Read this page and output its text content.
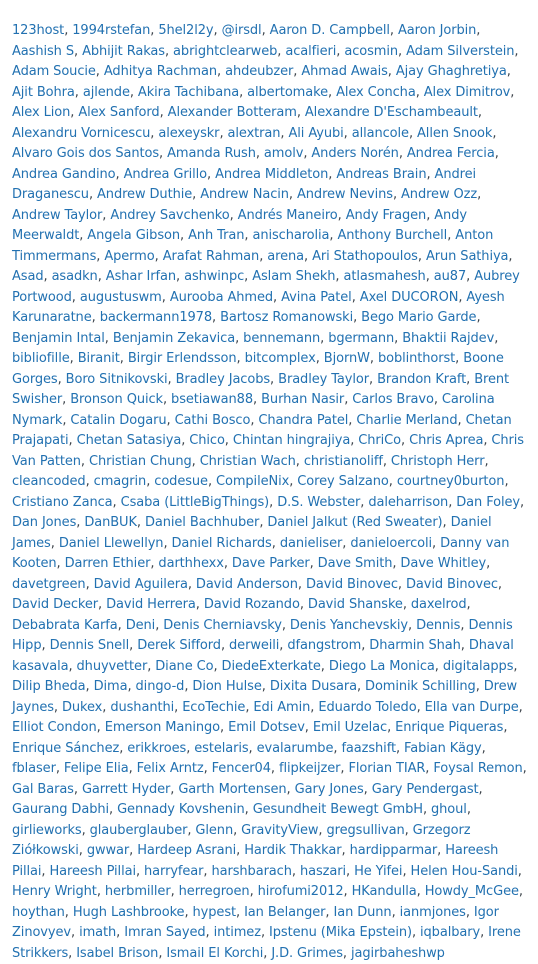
123host, 1994rstefan, 5hel2l2y, @irsdl, Aaron D. Campbell, Aaron Jorbin, Aashish S, Abhijit Rakas, abrightclearweb, acalfieri, acosmin, Adam Silverstein, Adam Soucie, Adhitya Rachman, ahdeubzer, Ahmad Awais, Ajay Ghaghretiya, Ajit Bohra, ajlende, Akira Tachibana, albertomake, Alex Concha, Alex Dimitrov, Alex Lion, Alex Sanford, Alexander Botteram, Alexandre D'Eschambeault, Alexandru Vornicescu, alexeyskr, alextran, Ali Ayubi, allancole, Allen Snook, Alvaro Gois dos Santos, Amanda Rush, amolv, Anders Norén, Andrea Fercia, Andrea Gandino, Andrea Grillo, Andrea Middleton, Andreas Brain, Andrei Draganescu, Andrew Duthie, Andrew Nacin, Andrew Nevins, Andrew Ozz, Andrew Taylor, Andrey Savchenko, Andrés Maneiro, Andy Fragen, Andy Meerwaldt, Angela Gibson, Anh Tran, anischarolia, Anthony Burchell, Anton Timmermans, Apermo, Arafat Rahman, arena, Ari Stathopoulos, Arun Sathiya, Asad, asadkn, Ashar Irfan, ashwinpc, Aslam Shekh, atlasmahesh, au87, Aubrey Portwood, augustuswm, Aurooba Ahmed, Avina Patel, Axel DUCORON, Ayesh Karunaratne, backermann1978, Bartosz Romanowski, Bego Mario Garde, Benjamin Intal, Benjamin Zekavica, bennemann, bgermann, Bhaktii Rajdev, bibliofille, Biranit, Birgir Erlendsson, bitcomplex, BjornW, boblinthorst, Boone Gorges, Boro Sitnikovski, Bradley Jacobs, Bradley Taylor, Brandon Kraft, Brent Swisher, Bronson Quick, bsetiawan88, Burhan Nasir, Carlos Bravo, Carolina Nymark, Catalin Dogaru, Cathi Bosco, Chandra Patel, Charlie Merland, Chetan Prajapati, Chetan Satasiya, Chico, Chintan hingrajiya, ChriCo, Chris Aprea, Chris Van Patten, Christian Chung, Christian Wach, christianoliff, Christoph Herr, cleancoded, cmagrin, codesue, CompileNix, Corey Salzano, courtney0burton, Cristiano Zanca, Csaba (LittleBigThings), D.S. Webster, daleharrison, Dan Foley, Dan Jones, DanBUK, Daniel Bachhuber, Daniel Jalkut (Red Sweater), Daniel James, Daniel Llewellyn, Daniel Richards, danieliser, danieloercoli, Danny van Kooten, Darren Ethier, darthhexx, Dave Parker, Dave Smith, Dave Whitley, davetgreen, David Aguilera, David Anderson, David Binovec, David Binovec, David Decker, David Herrera, David Rozando, David Shanske, daxelrod, Debabrata Karfa, Deni, Denis Cherniavsky, Denis Yanchevskiy, Dennis, Dennis Hipp, Dennis Snell, Derek Sifford, derweili, dfangstrom, Dharmin Shah, Dhaval kasavala, dhuyvetter, Diane Co, DiedeExterkate, Diego La Monica, digitalapps, Dilip Bheda, Dima, dingo-d, Dion Hulse, Dixita Dusara, Dominik Schilling, Drew Jaynes, Dukex, dushanthi, EcoTechie, Edi Amin, Eduardo Toledo, Ella van Durpe, Elliot Condon, Emerson Maningo, Emil Dotsev, Emil Uzelac, Enrique Piqueras, Enrique Sánchez, erikkroes, estelaris, evalarumbe, faazshift, Fabian Kägy, fblaser, Felipe Elia, Felix Arntz, Fencer04, flipkeijzer, Florian TIAR, Foysal Remon, Gal Baras, Garrett Hyder, Garth Mortensen, Gary Jones, Gary Pendergast, Gaurang Dabhi, Gennady Kovshenin, Gesundheit Bewegt GmbH, ghoul, girlieworks, glauberglauber, Glenn, GravityView, gregsullivan, Grzegorz Ziółkowski, gwwar, Hardeep Asrani, Hardik Thakkar, hardipparmar, Hareesh Pillai, Hareesh Pillai, harryfear, harshbarach, haszari, He Yifei, Helen Hou-Sandi, Henry Wright, herbmiller, herregroen, hirofumi2012, HKandulla, Howdy_McGee, hoythan, Hugh Lashbrooke, hypest, Ian Belanger, Ian Dunn, ianmjones, Igor Zinovyev, imath, Imran Sayed, intimez, Ipstenu (Mika Epstein), iqbalbary, Irene Strikkers, Isabel Brison, Ismail El Korchi, J.D. Grimes, jagirbaheshwp
